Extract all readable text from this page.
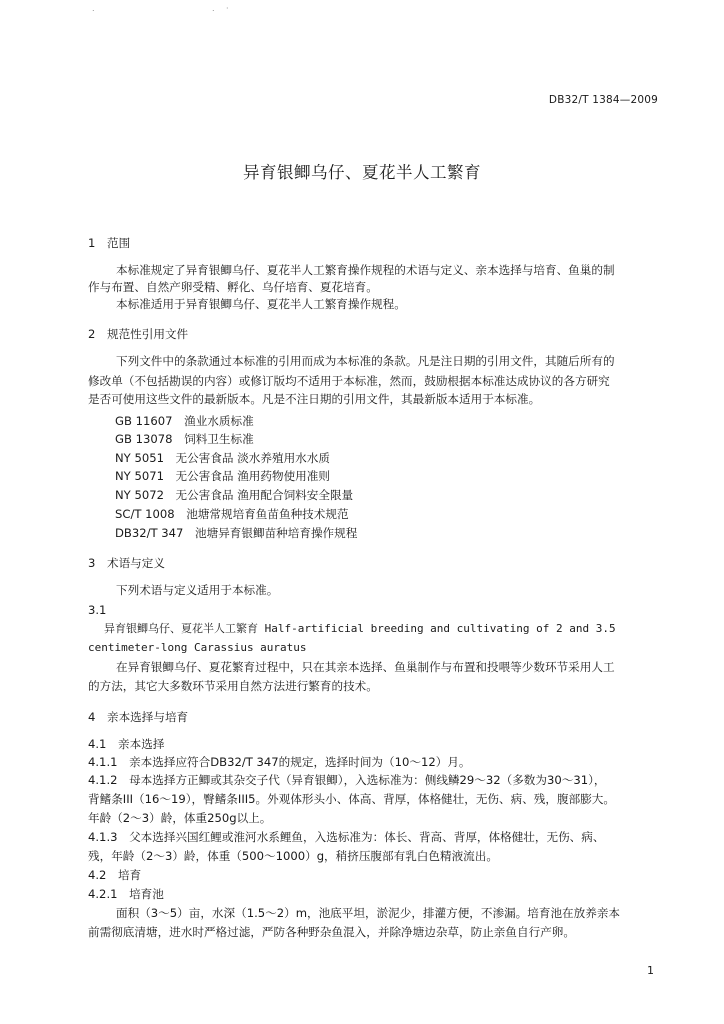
.	. ·
DB32/T 1384—2009
异育银鲫乌仔、夏花半人工繁育
1　范围
本标准规定了异育银鲫乌仔、夏花半人工繁育操作规程的术语与定义、亲本选择与培育、鱼巢的制
作与布置、自然产卵受精、孵化、乌仔培育、夏花培育。
本标准适用于异育银鲫乌仔、夏花半人工繁育操作规程。
2　规范性引用文件
下列文件中的条款通过本标准的引用而成为本标准的条款。凡是注日期的引用文件，其随后所有的
修改单（不包括勘误的内容）或修订版均不适用于本标准，然而，鼓励根据本标准达成协议的各方研究
是否可使用这些文件的最新版本。凡是不注日期的引用文件，其最新版本适用于本标准。
GB 11607　渔业水质标准
GB 13078　饲料卫生标准
NY 5051　无公害食品 淡水养殖用水水质
NY 5071　无公害食品 渔用药物使用准则
NY 5072　无公害食品 渔用配合饲料安全限量
SC/T 1008　池塘常规培育鱼苗鱼种技术规范
DB32/T 347　池塘异育银鲫苗种培育操作规程
3　术语与定义
下列术语与定义适用于本标准。
3.1
异育银鲫乌仔、夏花半人工繁育 Half-artificial breeding and cultivating of 2 and 3.5
centimeter-long Carassius auratus
在异育银鲫乌仔、夏花繁育过程中，只在其亲本选择、鱼巢制作与布置和投喂等少数环节采用人工
的方法，其它大多数环节采用自然方法进行繁育的技术。
4　亲本选择与培育
4.1　亲本选择
4.1.1　亲本选择应符合DB32/T 347的规定，选择时间为（10～12）月。
4.1.2　母本选择方正鲫或其杂交子代（异育银鲫），入选标准为：侧线鳞29～32（多数为30～31），
背鳍条III（16～19），臀鳍条III5。外观体形头小、体高、背厚，体格健壮，无伤、病、残，腹部膨大。
年龄（2～3）龄，体重250g以上。
4.1.3　父本选择兴国红鲤或淮河水系鲤鱼，入选标准为：体长、背高、背厚，体格健壮，无伤、病、
残，年龄（2～3）龄，体重（500～1000）g，稍挤压腹部有乳白色精液流出。
4.2　培育
4.2.1　培育池
面积（3～5）亩，水深（1.5～2）m，池底平坦，淤泥少，排灌方便，不渗漏。培育池在放养亲本
前需彻底清塘，进水时严格过滤，严防各种野杂鱼混入，并除净塘边杂草，防止亲鱼自行产卵。
1
